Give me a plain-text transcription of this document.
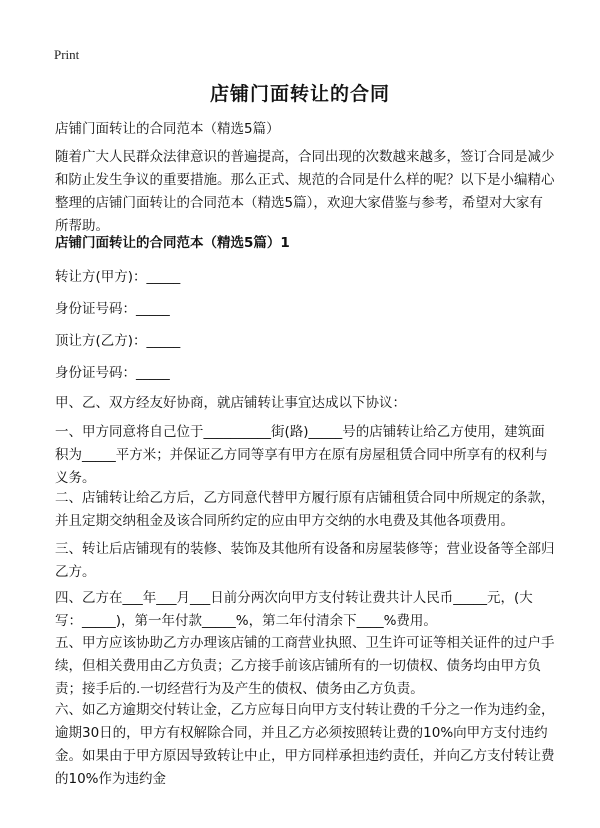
Print
店铺门面转让的合同

店铺门面转让的合同范本（精选5篇）

随着广大人民群众法律意识的普遍提高，合同出现的次数越来越多，签订合同是减少和防止发生争议的重要措施。那么正式、规范的合同是什么样的呢？以下是小编精心整理的店铺门面转让的合同范本（精选5篇），欢迎大家借鉴与参考，希望对大家有所帮助。

店铺门面转让的合同范本（精选5篇）1

转让方(甲方)：_____

身份证号码：_____

顶让方(乙方)：_____

身份证号码：_____

甲、乙、双方经友好协商，就店铺转让事宜达成以下协议：

一、甲方同意将自己位于__________街(路)_____号的店铺转让给乙方使用，建筑面积为_____平方米；并保证乙方同等享有甲方在原有房屋租赁合同中所享有的权利与义务。

二、店铺转让给乙方后，乙方同意代替甲方履行原有店铺租赁合同中所规定的条款，并且定期交纳租金及该合同所约定的应由甲方交纳的水电费及其他各项费用。

三、转让后店铺现有的装修、装饰及其他所有设备和房屋装修等；营业设备等全部归乙方。

四、乙方在___年___月___日前分两次向甲方支付转让费共计人民币_____元，(大写：_____)，第一年付款_____%，第二年付清余下____%费用。

五、甲方应该协助乙方办理该店铺的工商营业执照、卫生许可证等相关证件的过户手续，但相关费用由乙方负责；乙方接手前该店铺所有的一切债权、债务均由甲方负责；接手后的.一切经营行为及产生的债权、债务由乙方负责。

六、如乙方逾期交付转让金，乙方应每日向甲方支付转让费的千分之一作为违约金，逾期30日的，甲方有权解除合同，并且乙方必须按照转让费的10%向甲方支付违约金。如果由于甲方原因导致转让中止，甲方同样承担违约责任，并向乙方支付转让费的10%作为违约金
